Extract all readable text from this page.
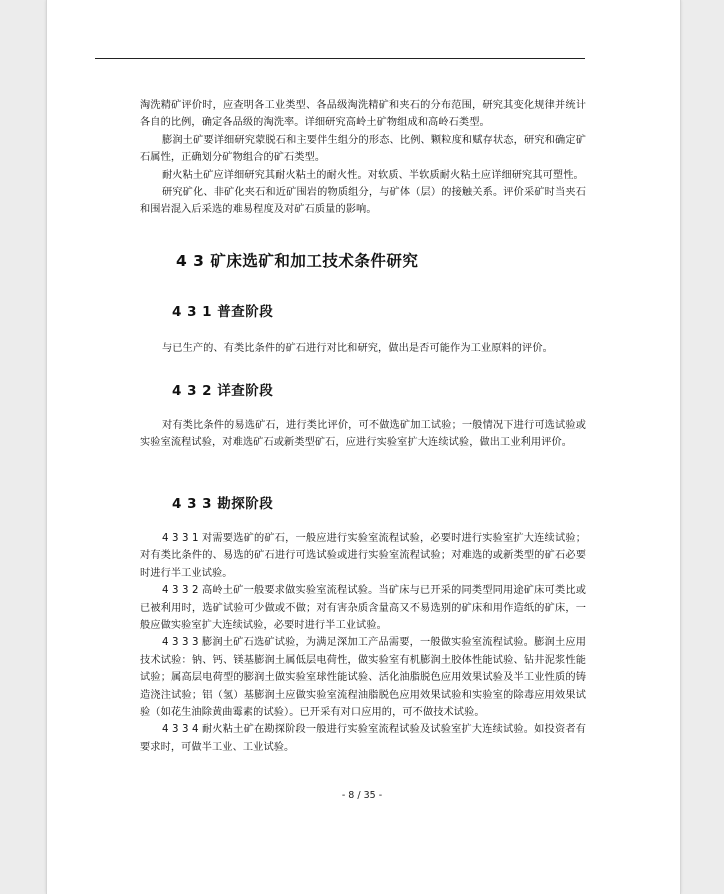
淘洗精矿评价时，应查明各工业类型、各品级淘洗精矿和夹石的分布范围，研究其变化规律并统计各自的比例，确定各品级的淘洗率。详细研究高岭土矿物组成和高岭石类型。

膨润土矿要详细研究蒙脱石和主要伴生组分的形态、比例、颗粒度和赋存状态，研究和确定矿石属性，正确划分矿物组合的矿石类型。

耐火粘土矿应详细研究其耐火粘土的耐火性。对软质、半软质耐火粘土应详细研究其可塑性。

研究矿化、非矿化夹石和近矿围岩的物质组分，与矿体（层）的接触关系。评价采矿时当夹石和围岩混入后采选的难易程度及对矿石质量的影响。

4 3 矿床选矿和加工技术条件研究
4 3 1 普查阶段

与已生产的、有类比条件的矿石进行对比和研究，做出是否可能作为工业原料的评价。

4 3 2 详查阶段

对有类比条件的易选矿石，进行类比评价，可不做选矿加工试验；一般情况下进行可选试验或实验室流程试验，对难选矿石或新类型矿石，应进行实验室扩大连续试验，做出工业利用评价。

4 3 3 勘探阶段

4 3 3 1 对需要选矿的矿石，一般应进行实验室流程试验，必要时进行实验室扩大连续试验；对有类比条件的、易选的矿石进行可选试验或进行实验室流程试验；对难选的或新类型的矿石必要时进行半工业试验。

4 3 3 2 高岭土矿一般要求做实验室流程试验。当矿床与已开采的同类型同用途矿床可类比或已被利用时，选矿试验可少做或不做；对有害杂质含量高又不易选别的矿床和用作造纸的矿床，一般应做实验室扩大连续试验，必要时进行半工业试验。

4 3 3 3 膨润土矿石选矿试验，为满足深加工产品需要，一般做实验室流程试验。膨润土应用技术试验：钠、钙、镁基膨润土属低层电荷性，做实验室有机膨润土胶体性能试验、钻井泥浆性能试验；属高层电荷型的膨润土做实验室球性能试验、活化油脂脱色应用效果试验及半工业性质的铸造浇注试验；铝（氢）基膨润土应做实验室流程油脂脱色应用效果试验和实验室的除毒应用效果试验（如花生油除黄曲霉素的试验）。已开采有对口应用的，可不做技术试验。

4 3 3 4 耐火粘土矿在勘探阶段一般进行实验室流程试验及试验室扩大连续试验。如投资者有要求时，可做半工业、工业试验。

- 8 / 35 -
